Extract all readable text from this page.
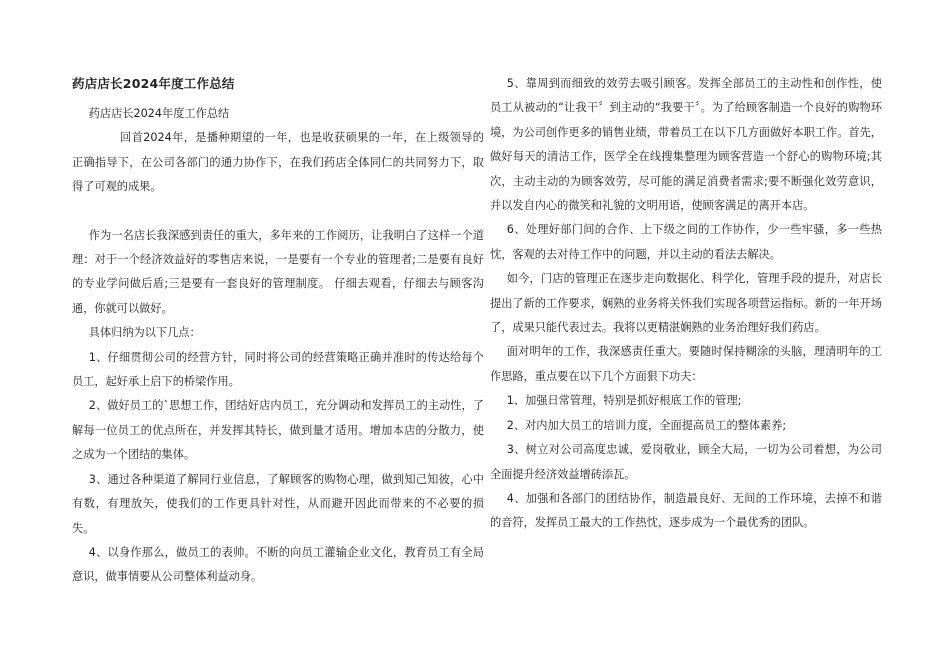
药店店长2024年度工作总结

药店店长2024年度工作总结

回首2024年，是播种期望的一年，也是收获硕果的一年，在上级领导的正确指导下，在公司各部门的通力协作下，在我们药店全体同仁的共同努力下，取得了可观的成果。

作为一名店长我深感到责任的重大，多年来的工作阅历，让我明白了这样一个道理：对于一个经济效益好的零售店来说，一是要有一个专业的管理者;二是要有良好的专业学问做后盾;三是要有一套良好的管理制度。 仔细去观看，仔细去与顾客沟通，你就可以做好。

具体归纳为以下几点：

1、仔细贯彻公司的经营方针，同时将公司的经营策略正确并准时的传达给每个员工，起好承上启下的桥梁作用。

2、做好员工的`思想工作，团结好店内员工，充分调动和发挥员工的主动性，了解每一位员工的优点所在，并发挥其特长，做到量才适用。增加本店的分散力，使之成为一个团结的集体。

3、通过各种渠道了解同行业信息，了解顾客的购物心理，做到知己知彼，心中有数，有理放矢，使我们的工作更具针对性，从而避开因此而带来的不必要的损失。

4、以身作那么，做员工的表帅。不断的向员工灌输企业文化，教育员工有全局意识，做事情要从公司整体利益动身。

5、靠周到而细致的效劳去吸引顾客。发挥全部员工的主动性和创作性，使员工从被动的“让我干〞到主动的“我要干〞。为了给顾客制造一个良好的购物环境，为公司创作更多的销售业绩，带着员工在以下几方面做好本职工作。首先，做好每天的清洁工作，医学全在线搜集整理为顾客营造一个舒心的购物环境;其次，主动主动的为顾客效劳，尽可能的满足消费者需求;要不断强化效劳意识，并以发自内心的微笑和礼貌的文明用语，使顾客满足的离开本店。

6、处理好部门间的合作、上下级之间的工作协作，少一些牢骚，多一些热忱，客观的去对待工作中的问题，并以主动的看法去解决。

如今，门店的管理正在逐步走向数据化、科学化，管理手段的提升，对店长提出了新的工作要求，娴熟的业务将关怀我们实现各项营运指标。新的一年开场了，成果只能代表过去。我将以更精湛娴熟的业务治理好我们药店。

面对明年的工作，我深感责任重大。要随时保持糊涂的头脑，理清明年的工作思路，重点要在以下几个方面狠下功夫：

1、加强日常管理，特别是抓好根底工作的管理;

2、对内加大员工的培训力度，全面提高员工的整体素养;

3、树立对公司高度忠诚，爱岗敬业，顾全大局，一切为公司着想，为公司全面提升经济效益增砖添瓦。

4、加强和各部门的团结协作，制造最良好、无间的工作环境，去掉不和谐的音符，发挥员工最大的工作热忱，逐步成为一个最优秀的团队。
